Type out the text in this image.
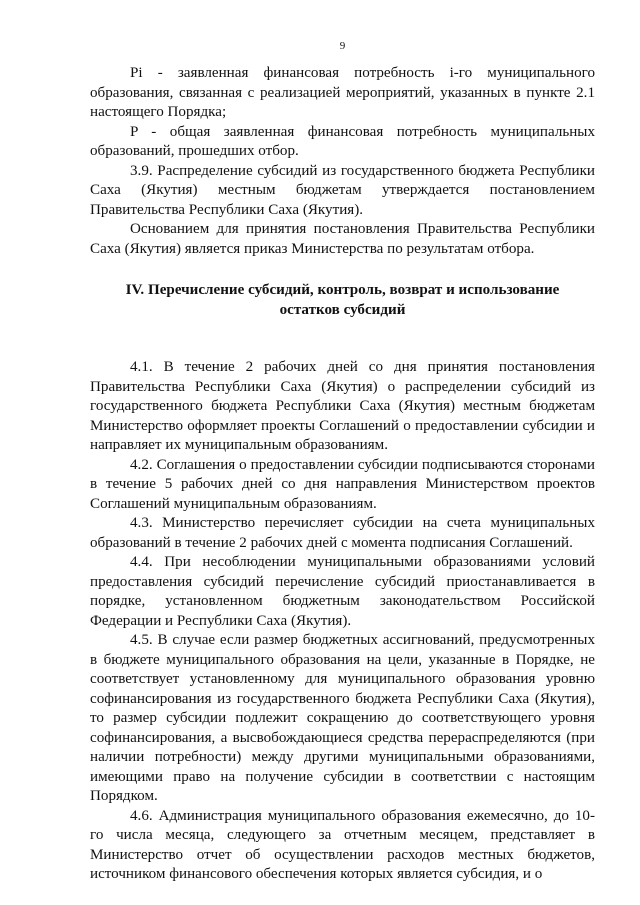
9

Pi - заявленная финансовая потребность i-го муниципального образования, связанная с реализацией мероприятий, указанных в пункте 2.1 настоящего Порядка;

P - общая заявленная финансовая потребность муниципальных образований, прошедших отбор.

3.9. Распределение субсидий из государственного бюджета Республики Саха (Якутия) местным бюджетам утверждается постановлением Правительства Республики Саха (Якутия).

Основанием для принятия постановления Правительства Республики Саха (Якутия) является приказ Министерства по результатам отбора.

IV. Перечисление субсидий, контроль, возврат и использование остатков субсидий

4.1. В течение 2 рабочих дней со дня принятия постановления Правительства Республики Саха (Якутия) о распределении субсидий из государственного бюджета Республики Саха (Якутия) местным бюджетам Министерство оформляет проекты Соглашений о предоставлении субсидии и направляет их муниципальным образованиям.

4.2. Соглашения о предоставлении субсидии подписываются сторонами в течение 5 рабочих дней со дня направления Министерством проектов Соглашений муниципальным образованиям.

4.3. Министерство перечисляет субсидии на счета муниципальных образований в течение 2 рабочих дней с момента подписания Соглашений.

4.4. При несоблюдении муниципальными образованиями условий предоставления субсидий перечисление субсидий приостанавливается в порядке, установленном бюджетным законодательством Российской Федерации и Республики Саха (Якутия).

4.5. В случае если размер бюджетных ассигнований, предусмотренных в бюджете муниципального образования на цели, указанные в Порядке, не соответствует установленному для муниципального образования уровню софинансирования из государственного бюджета Республики Саха (Якутия), то размер субсидии подлежит сокращению до соответствующего уровня софинансирования, а высвобождающиеся средства перераспределяются (при наличии потребности) между другими муниципальными образованиями, имеющими право на получение субсидии в соответствии с настоящим Порядком.

4.6. Администрация муниципального образования ежемесячно, до 10-го числа месяца, следующего за отчетным месяцем, представляет в Министерство отчет об осуществлении расходов местных бюджетов, источником финансового обеспечения которых является субсидия, и о
